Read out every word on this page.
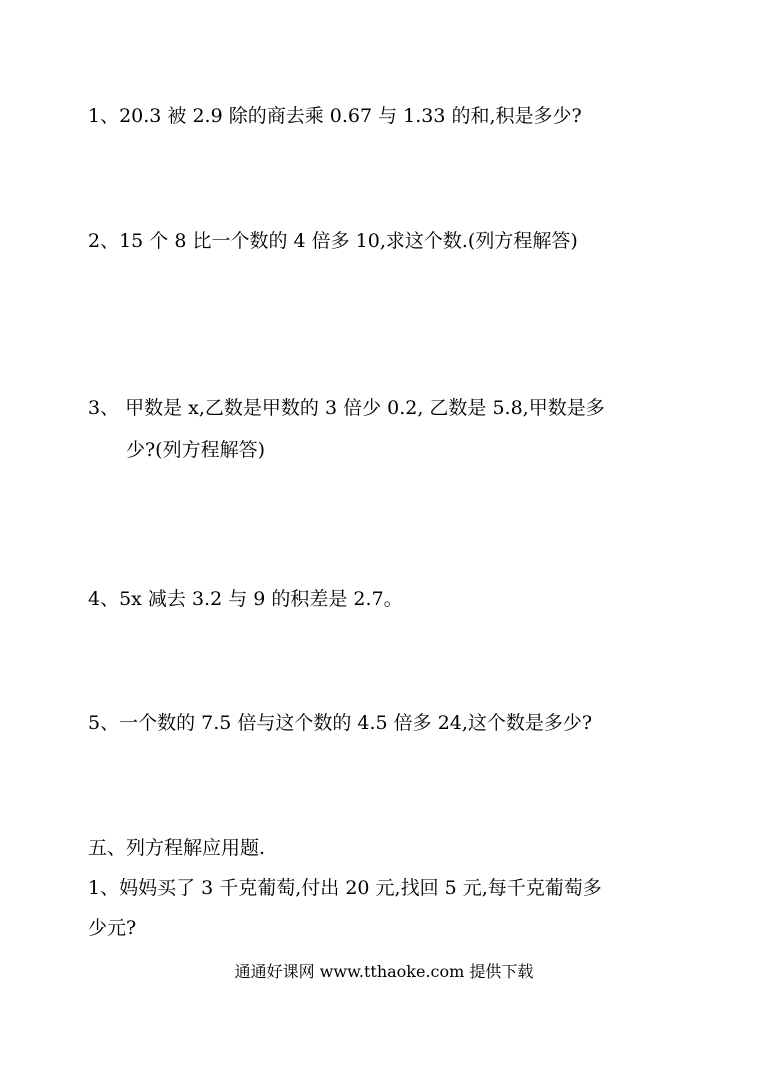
1、20.3 被 2.9 除的商去乘 0.67 与 1.33 的和,积是多少?
2、15 个 8 比一个数的 4 倍多 10,求这个数.(列方程解答)
3、 甲数是 x,乙数是甲数的 3 倍少 0.2, 乙数是 5.8,甲数是多
少?(列方程解答)
4、5x 减去 3.2 与 9 的积差是 2.7。
5、一个数的 7.5 倍与这个数的 4.5 倍多 24,这个数是多少?
五、列方程解应用题.
1、妈妈买了 3 千克葡萄,付出 20 元,找回 5 元,每千克葡萄多
少元?
通通好课网 www.tthaoke.com 提供下载
